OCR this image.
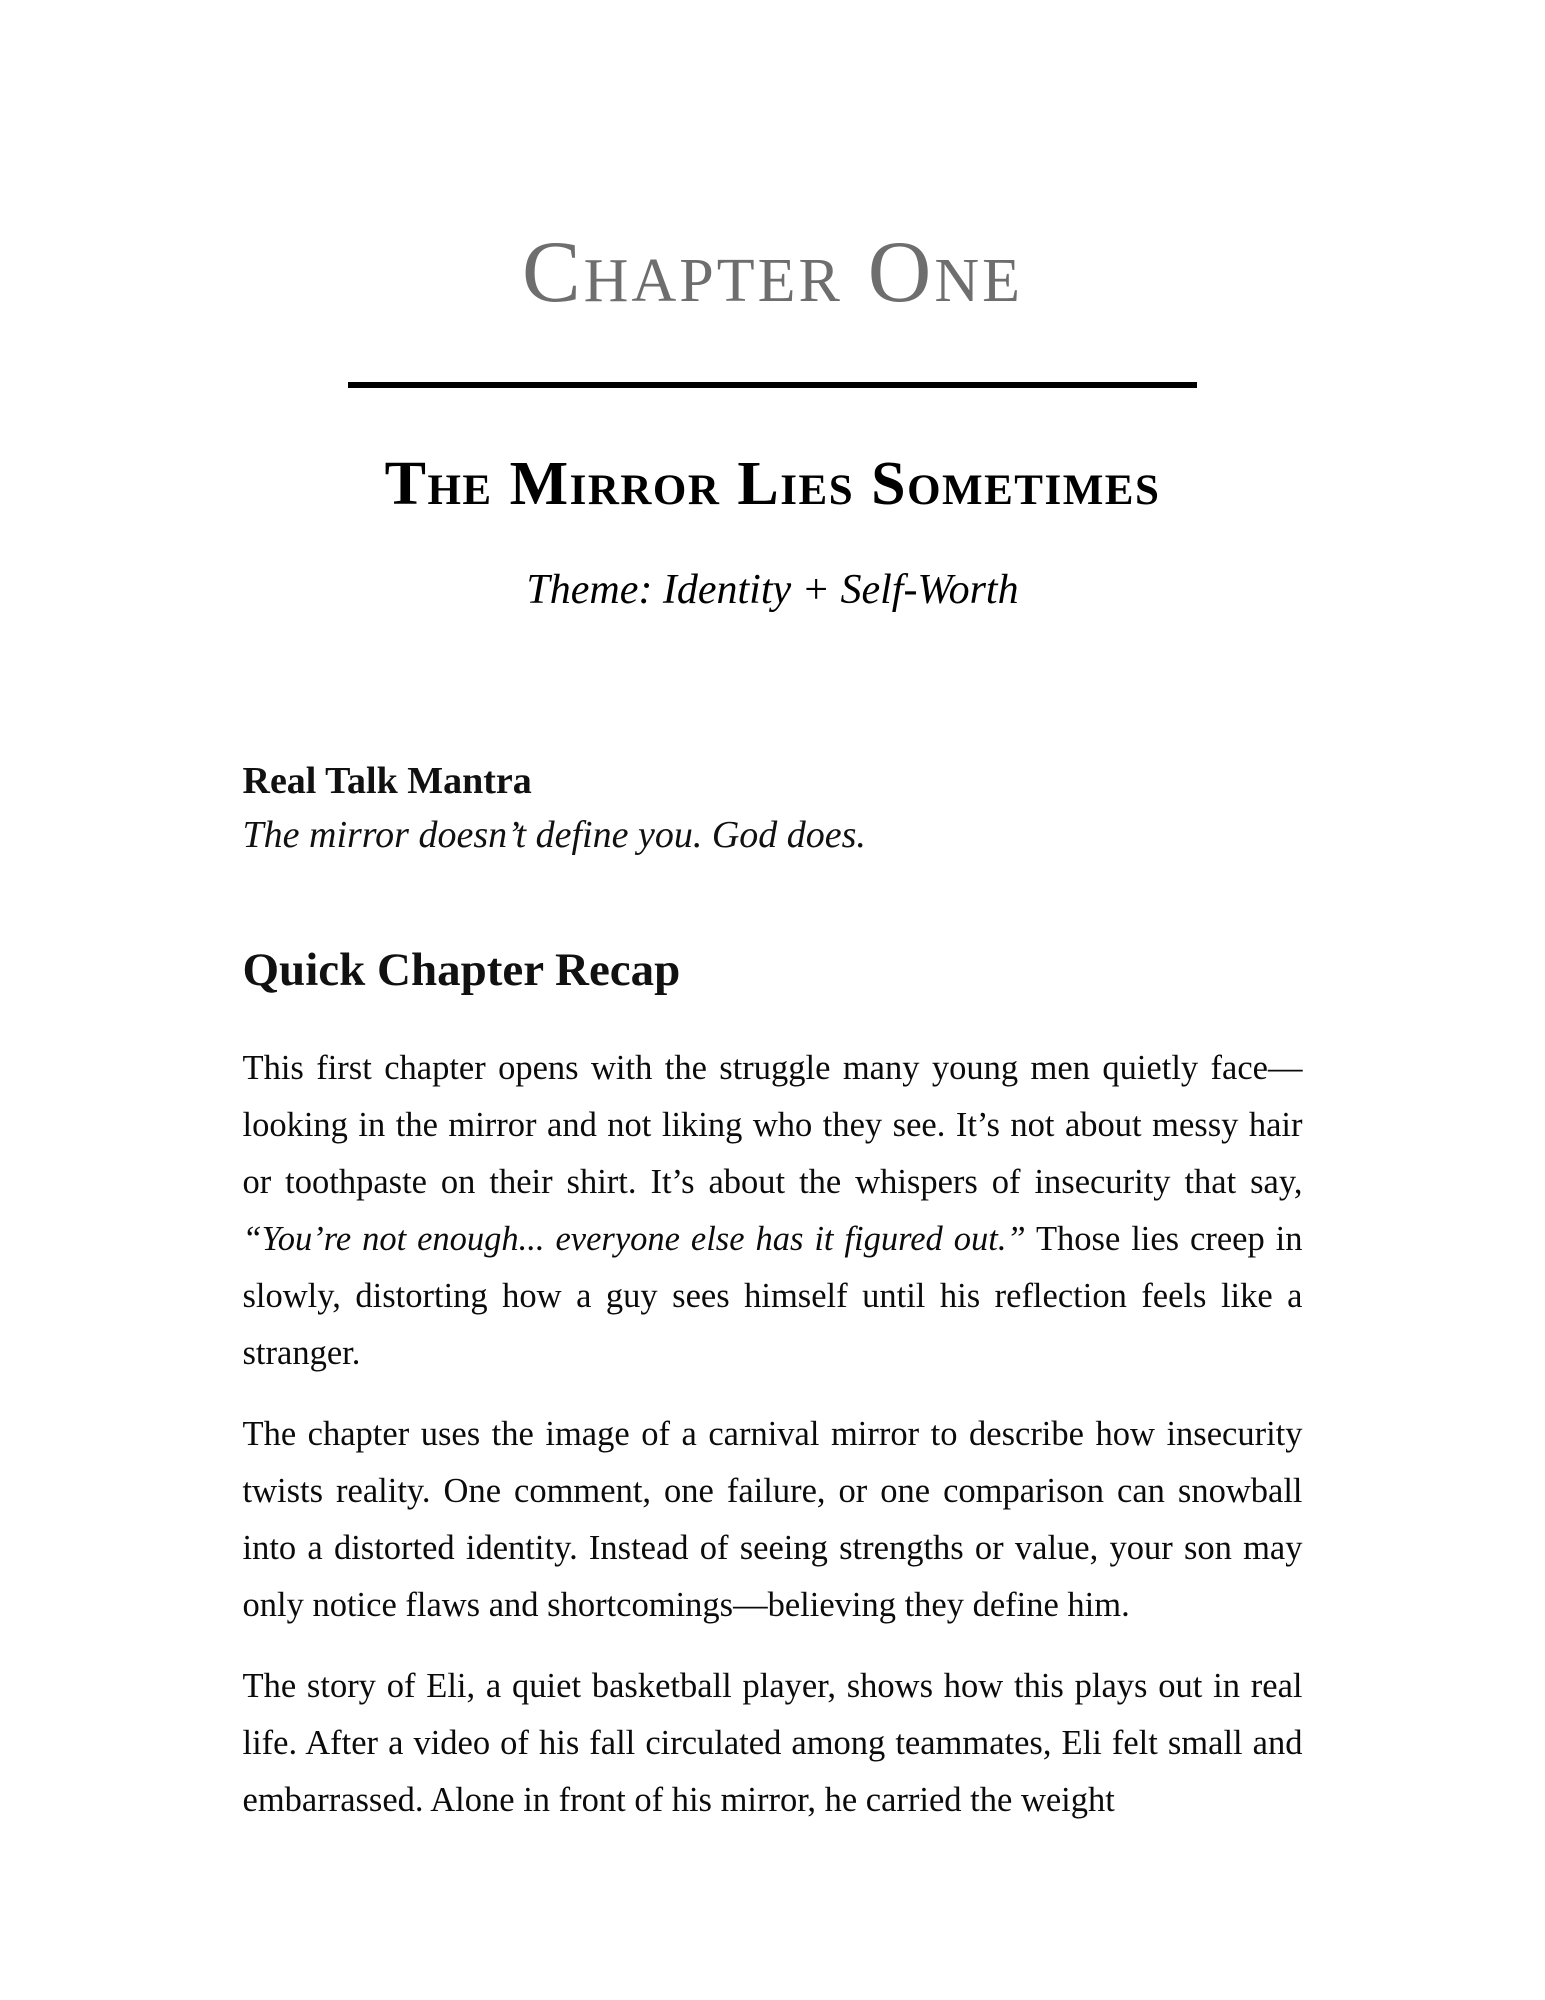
Chapter One
The Mirror Lies Sometimes
Theme: Identity + Self-Worth
Real Talk Mantra
The mirror doesn’t define you. God does.
Quick Chapter Recap

This first chapter opens with the struggle many young men quietly face—looking in the mirror and not liking who they see. It’s not about messy hair or toothpaste on their shirt. It’s about the whispers of insecurity that say, “You’re not enough... everyone else has it figured out.” Those lies creep in slowly, distorting how a guy sees himself until his reflection feels like a stranger.

The chapter uses the image of a carnival mirror to describe how insecurity twists reality. One comment, one failure, or one comparison can snowball into a distorted identity. Instead of seeing strengths or value, your son may only notice flaws and shortcomings—believing they define him.

The story of Eli, a quiet basketball player, shows how this plays out in real life. After a video of his fall circulated among teammates, Eli felt small and embarrassed. Alone in front of his mirror, he carried the weight
